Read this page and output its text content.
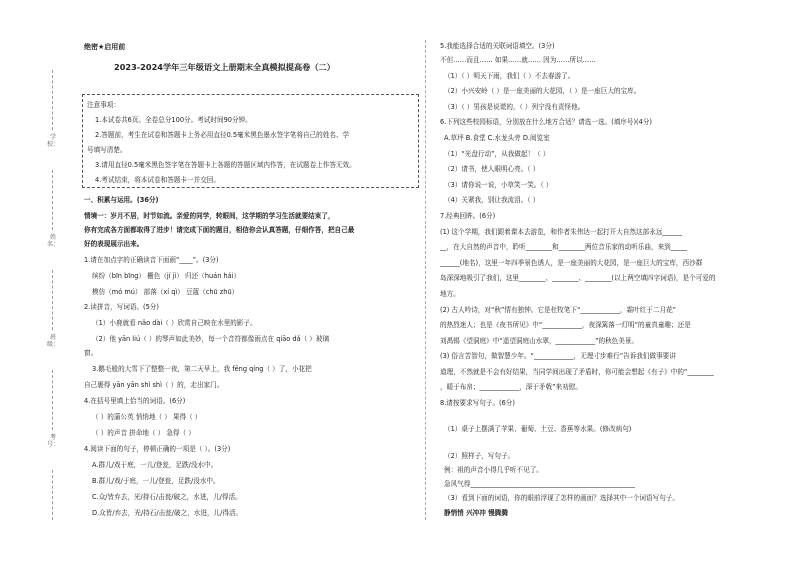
学校：
姓名：
班级：
考号：
绝密★启用前
2023-2024学年三年级语文上册期末全真模拟提高卷（二）
注意事项：
1.本试卷共6页。全卷总分100分。考试时间90分钟。
2.答题前，考生在试卷和答题卡上务必用直径0.5毫米黑色墨水签字笔将自己的姓名、学
号填写清楚。
3.请用直径0.5毫米黑色签字笔在答题卡上各题的答题区域内作答，在试题卷上作答无效。
4.考试结束，将本试卷和答题卡一并交回。
一、积累与运用。(36分)
情境一：岁月不居，时节如流。亲爱的同学，转眼间，这学期的学习生活就要结束了，
你有完成各方面都取得了进步！请完成下面的题目，相信你会认真答题，仔细作答，把自己最
好的表现展示出来。
1.请在加点字的正确读音下面画“____”。(3分)
缤纷（bīn bīng） 栅色（jí jì） 归还（huán hái）
模仿（mó mú） 部落（xí qì） 豆蔻（chū zhū）
2.读拼音，写词语。(5分)
（1）小鹿就看 nǎo dài（ ）欣赏自己映在水里的影子。
（2）他 yān liú（ ）的琴声如此美妙，每一个音符都像雨点在 qiāo dǎ（ ）玻璃
窗。
3.鹅毛般的大雪下了整整一夜，第二天早上，我 fēng qíng（ ）了，小花把
自己裹得 yān yān shì shì（ ）的，走出家门。
4.在括号里填上恰当的词语。(6分)
（ ）的蒲公英 悄悄地（ ） 果得（ ）
（ ）的声音 拼命地（ ） 急得（ ）
4.阅读下面的句子，停顿正确的一项是（ ）。(3分)
A.群儿/戏于庭，一儿/登瓮，足跌/没水中。
B.群儿/戏/于庭，一儿/登瓮，足跌/没水中。
C.众/皆弃去，光/持石/击瓮/破之，水迸，儿/得活。
D.众皆/弃去，光/持石/击瓮/破之，水迸，儿/得活。
5.我能选择合适的关联词语填空。(3分)
不但……而且…… 如果……就…… 因为……所以……
（1）（ ）明天下雨，我们（ ）不去春游了。
（2）小兴安岭（ ）是一座美丽的大花园，（ ）是一座巨大的宝库。
（3）（ ）男孩是说谎的，（ ）列宁没有责怪他。
6.下列这些校园标语，分别放在什么地方合适？请选一选。(填序号)(4分)
A.草坪 B.食堂 C.水龙头旁 D.阅览室
（1）“光盘行动”，从我做起！（ ）
（2）请书，使人眼明心亮。（ ）
（3）请你说一说，小草笑一笑。（ ）
（4）关紧我，别让我流泪。（ ）
7.经典回眸。(6分)
(1) 这个学期，我们跟着课本去游览，和作者朱伟达一起打开大自然这部永远______
__，在大自然的声音中，聆听________和________两位音乐家的动听乐曲，来到_____
______(地名)，这里一年四季景色诱人，是一座美丽的大花园，是一座巨大的宝库，西沙群
岛深深地吸引了我们，这里________、________、________(以上两空填四字词语)，是个可爱的
地方。
(2) 古人吟诗，对“秋”情有独钟。它是杜牧笔下“____________，霜叶红于二月花”
的热烈迷人；也是《夜书所见》中“____________，夜深篱落一灯明”的童真童趣；还是
刘禹锡《望洞庭》中“遥望洞庭山水翠，____________”的秋色美景。
(3) 俗言苦智句，做智慧少年。“____________，无理寸步难行”告诉我们做事要讲
道理，不然就是不会有好结果，当同学间出现了矛盾时，你可能会想起《有子》中的“________
，暖于布帛；____________，深于矛戟”来劝慰。
8.请按要求写句子。(6分)
（1）桌子上摆满了苹果、葡萄、土豆、香蕉等水果。(修改病句)
（2）照样子，写句子。
例：祖的声音小得几乎听不见了。
急风气得__________________________________________________
（3）看到下面的词语，你的眼前浮现了怎样的画面？选择其中一个词语写句子。
静悄悄 兴冲冲 慢腾腾
